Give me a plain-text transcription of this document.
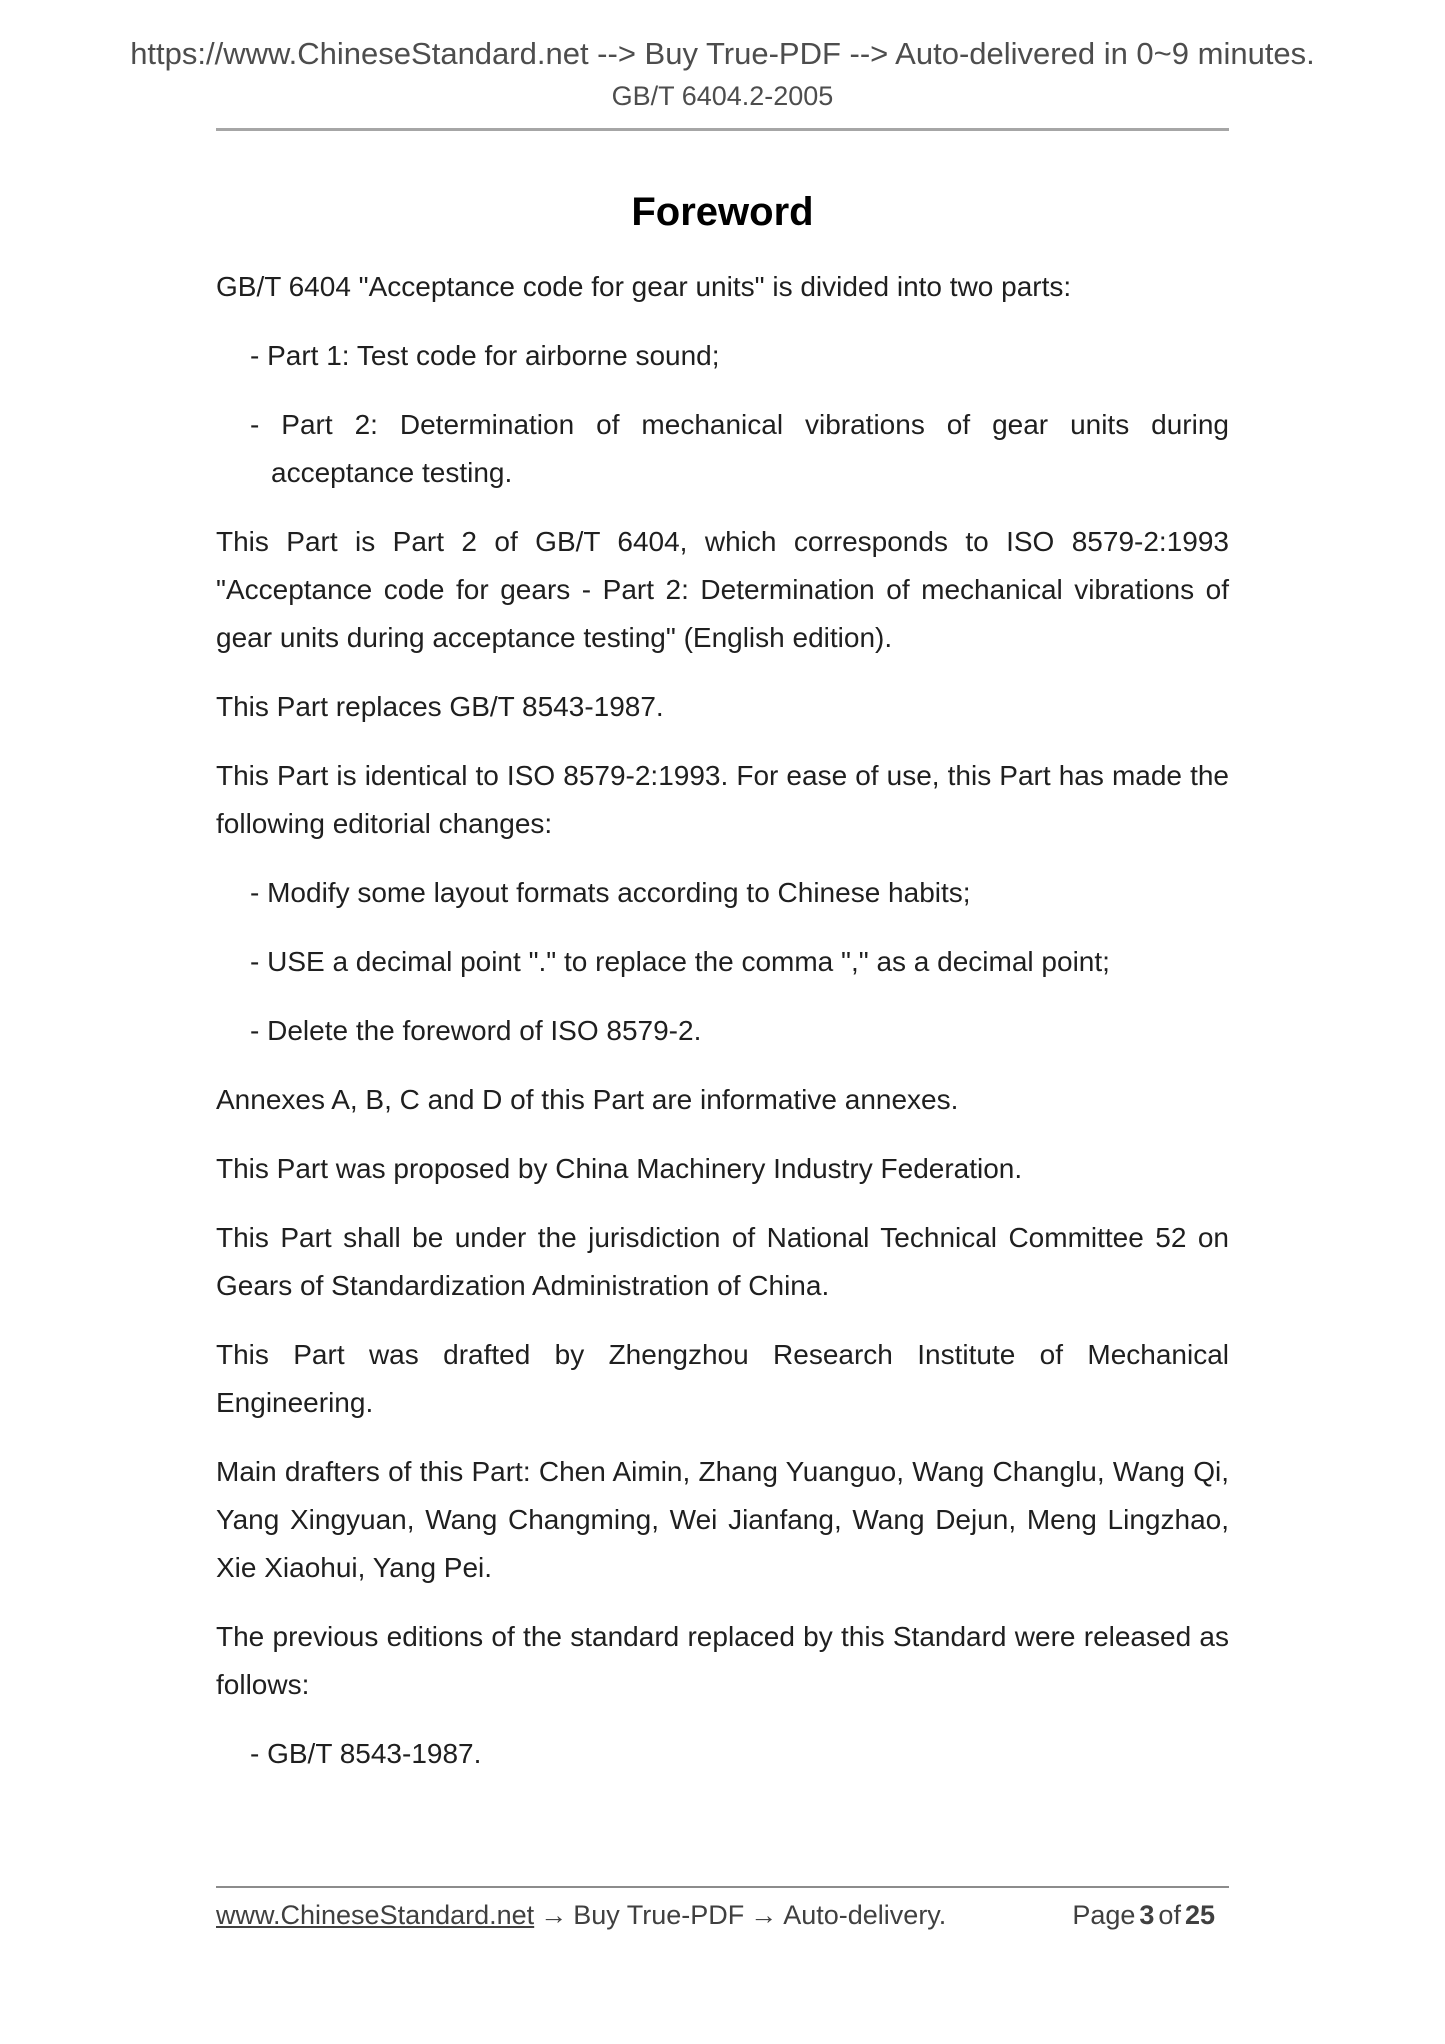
https://www.ChineseStandard.net --> Buy True-PDF --> Auto-delivered in 0~9 minutes.
GB/T 6404.2-2005
Foreword

GB/T 6404 "Acceptance code for gear units" is divided into two parts:

- Part 1: Test code for airborne sound;

- Part 2: Determination of mechanical vibrations of gear units during acceptance testing.

This Part is Part 2 of GB/T 6404, which corresponds to ISO 8579-2:1993 "Acceptance code for gears - Part 2: Determination of mechanical vibrations of gear units during acceptance testing" (English edition).

This Part replaces GB/T 8543-1987.

This Part is identical to ISO 8579-2:1993. For ease of use, this Part has made the following editorial changes:

- Modify some layout formats according to Chinese habits;

- USE a decimal point "." to replace the comma "," as a decimal point;

- Delete the foreword of ISO 8579-2.

Annexes A, B, C and D of this Part are informative annexes.

This Part was proposed by China Machinery Industry Federation.

This Part shall be under the jurisdiction of National Technical Committee 52 on Gears of Standardization Administration of China.

This Part was drafted by Zhengzhou Research Institute of Mechanical Engineering.

Main drafters of this Part: Chen Aimin, Zhang Yuanguo, Wang Changlu, Wang Qi, Yang Xingyuan, Wang Changming, Wei Jianfang, Wang Dejun, Meng Lingzhao, Xie Xiaohui, Yang Pei.

The previous editions of the standard replaced by this Standard were released as follows:

- GB/T 8543-1987.

www.ChineseStandard.net → Buy True-PDF → Auto-delivery.	Page 3 of 25
